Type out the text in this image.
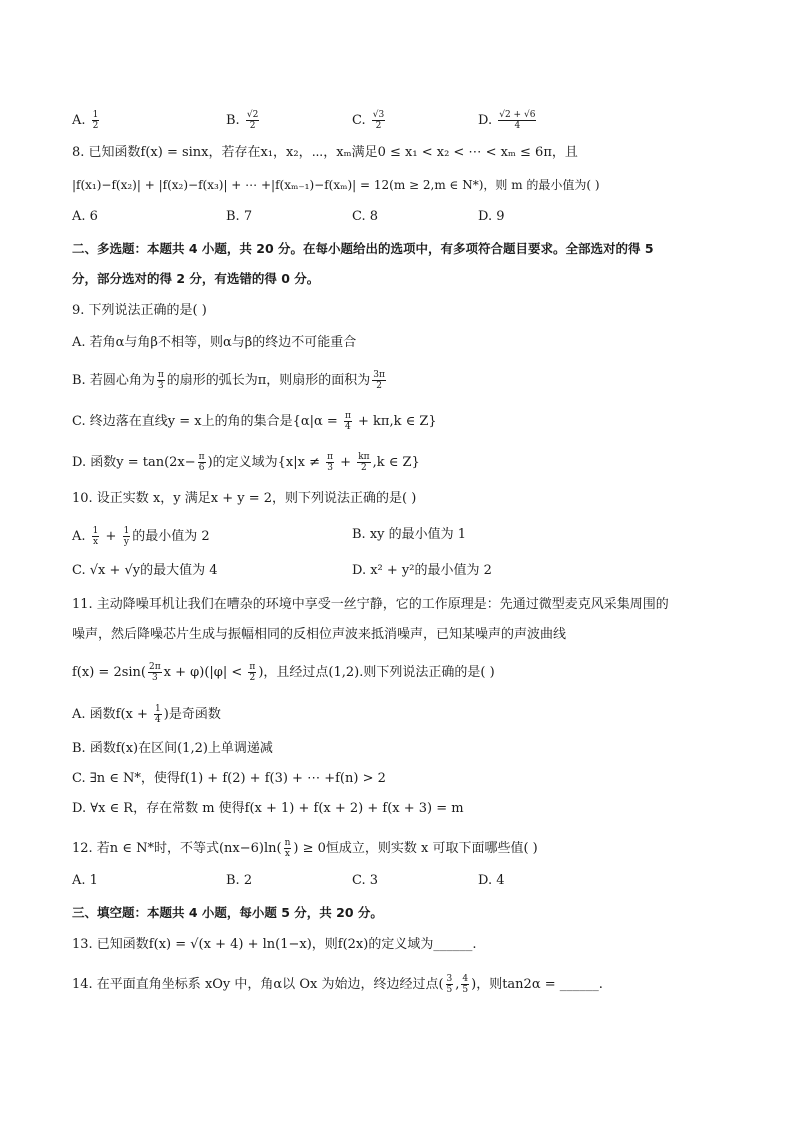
A. $\frac{1}{2}$	B. $\frac{√2}{2}$	C. $\frac{√3}{2}$	D. $\frac{√2 + √6}{4}$
8. 已知函数f(x) = sinx，若存在x₁，x₂，⋯，xₘ满足0 ≤ x₁ < x₂ < ⋯ < xₘ ≤ 6π，且
|f(x₁)−f(x₂)| + |f(x₂)−f(x₃)| + ⋯ +|f(xₘ₋₁)−f(xₘ)| = 12(m ≥ 2,m ∈ N*)，则 m 的最小值为( )
A. 6	B. 7	C. 8	D. 9
二、多选题：本题共 4 小题，共 20 分。在每小题给出的选项中，有多项符合题目要求。全部选对的得 5
分，部分选对的得 2 分，有选错的得 0 分。
9. 下列说法正确的是( )
A. 若角α与角β不相等，则α与β的终边不可能重合
B. 若圆心角为 $\frac{\pi}{3}$ 的扇形的弧长为π，则扇形的面积为 $\frac{3\pi}{2}$
C. 终边落在直线y = x上的角的集合是{$\alpha|\alpha = \frac{\pi}{4} + k\pi,k$ ∈ Z}
D. 函数$y = \tan(2x- \frac{\pi}{6}$ )的定义域为{$x|x \ne \frac{\pi}{3} + \frac{k\pi}{2} ,k$ ∈ Z}
10. 设正实数 x，y 满足x + y = 2，则下列说法正确的是( )
A. $\frac{1}{x} + \frac{1}{y}$ 的最小值为 2	B. xy 的最小值为 1
C. √x + √y的最大值为 4	D. x² + y²的最小值为 2
11. 主动降噪耳机让我们在嘈杂的环境中享受一丝宁静，它的工作原理是：先通过微型麦克风采集周围的
噪声，然后降噪芯片生成与振幅相同的反相位声波来抵消噪声，已知某噪声的声波曲线
$f(x) = 2\sin( \frac{2\pi}{3}$ $x + \varphi)(|\varphi| < \frac{\pi}{2}$ )，且经过点(1,2).则下列说法正确的是( )
A. 函数$f(x + \frac{1}{4}$ )是奇函数
B. 函数f(x)在区间(1,2)上单调递减
C. ∃n ∈ N*，使得f(1) + f(2) + f(3) + ⋯ +f(n) > 2
D. ∀x ∈ R，存在常数 m 使得f(x + 1) + f(x + 2) + f(x + 3) = m
12. 若n ∈ N*时，不等式$(nx-6)\ln( \frac{n}{x}$ ) ≥ 0恒成立，则实数 x 可取下面哪些值( )
A. 1	B. 2	C. 3	D. 4
三、填空题：本题共 4 小题，每小题 5 分，共 20 分。
13. 已知函数f(x) = √(x + 4) + ln(1−x)，则f(2x)的定义域为______.
14. 在平面直角坐标系 xOy 中，角α以 Ox 为始边，终边经过点( $\frac{3}{5}$ , $\frac{4}{5}$ )，则tan2α = ______.
